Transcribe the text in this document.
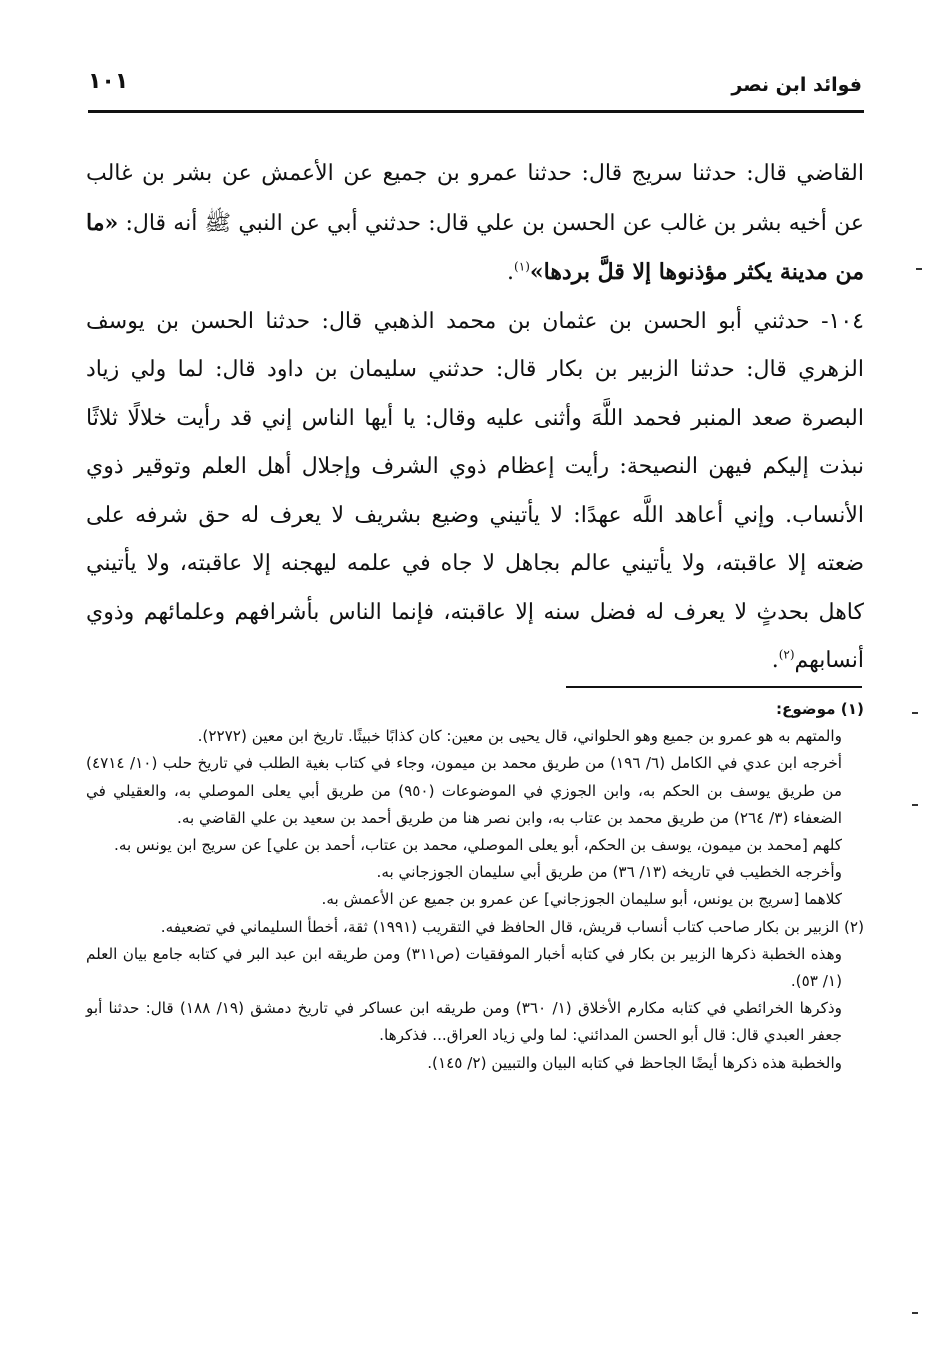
فوائد ابن نصر
١٠١

القاضي قال: حدثنا سريج قال: حدثنا عمرو بن جميع عن الأعمش عن بشر بن غالب عن أخيه بشر بن غالب عن الحسن بن علي قال: حدثني أبي عن النبي ﷺ أنه قال: «ما من مدينة يكثر مؤذنوها إلا قلَّ بردها»$^{(١)}$.

١٠٤- حدثني أبو الحسن بن عثمان بن محمد الذهبي قال: حدثنا الحسن بن يوسف الزهري قال: حدثنا الزبير بن بكار قال: حدثني سليمان بن داود قال: لما ولي زياد البصرة صعد المنبر فحمد اللَّهَ وأثنى عليه وقال: يا أيها الناس إني قد رأيت خلالًا ثلاثًا نبذت إليكم فيهن النصيحة: رأيت إعظام ذوي الشرف وإجلال أهل العلم وتوقير ذوي الأنساب. وإني أعاهد اللَّه عهدًا: لا يأتيني وضيع بشريف لا يعرف له حق شرفه على ضعته إلا عاقبته، ولا يأتيني عالم بجاهل لا جاه في علمه ليهجنه إلا عاقبته، ولا يأتيني كاهل بحدثٍ لا يعرف له فضل سنه إلا عاقبته، فإنما الناس بأشرافهم وعلمائهم وذوي أنسابهم$^{(٢)}$.

(١) موضوع:

والمتهم به هو عمرو بن جميع وهو الحلواني، قال يحيى بن معين: كان كذابًا خبيثًا. تاريخ ابن معين (٢٢٧٢).

أخرجه ابن عدي في الكامل (٦/ ١٩٦) من طريق محمد بن ميمون، وجاء في كتاب بغية الطلب في تاريخ حلب (١٠/ ٤٧١٤) من طريق يوسف بن الحكم به، وابن الجوزي في الموضوعات (٩٥٠) من طريق أبي يعلى الموصلي به، والعقيلي في الضعفاء (٣/ ٢٦٤) من طريق محمد بن عتاب به، وابن نصر هنا من طريق أحمد بن سعيد بن علي القاضي به.

كلهم [محمد بن ميمون، يوسف بن الحكم، أبو يعلى الموصلي، محمد بن عتاب، أحمد بن علي] عن سريج ابن يونس به.

وأخرجه الخطيب في تاريخه (١٣/ ٣٦) من طريق أبي سليمان الجوزجاني به.

كلاهما [سريج بن يونس، أبو سليمان الجوزجاني] عن عمرو بن جميع عن الأعمش به.

(٢) الزبير بن بكار صاحب كتاب أنساب قريش، قال الحافظ في التقريب (١٩٩١) ثقة، أخطأ السليماني في تضعيفه.

وهذه الخطبة ذكرها الزبير بن بكار في كتابه أخبار الموفقيات (ص٣١١) ومن طريقه ابن عبد البر في كتابه جامع بيان العلم (١/ ٥٣).

وذكرها الخرائطي في كتابه مكارم الأخلاق (١/ ٣٦٠) ومن طريقه ابن عساكر في تاريخ دمشق (١٩/ ١٨٨) قال: حدثنا أبو جعفر العبدي قال: قال أبو الحسن المدائني: لما ولي زياد العراق... فذكرها.

والخطبة هذه ذكرها أيضًا الجاحظ في كتابه البيان والتبيين (٢/ ١٤٥).
